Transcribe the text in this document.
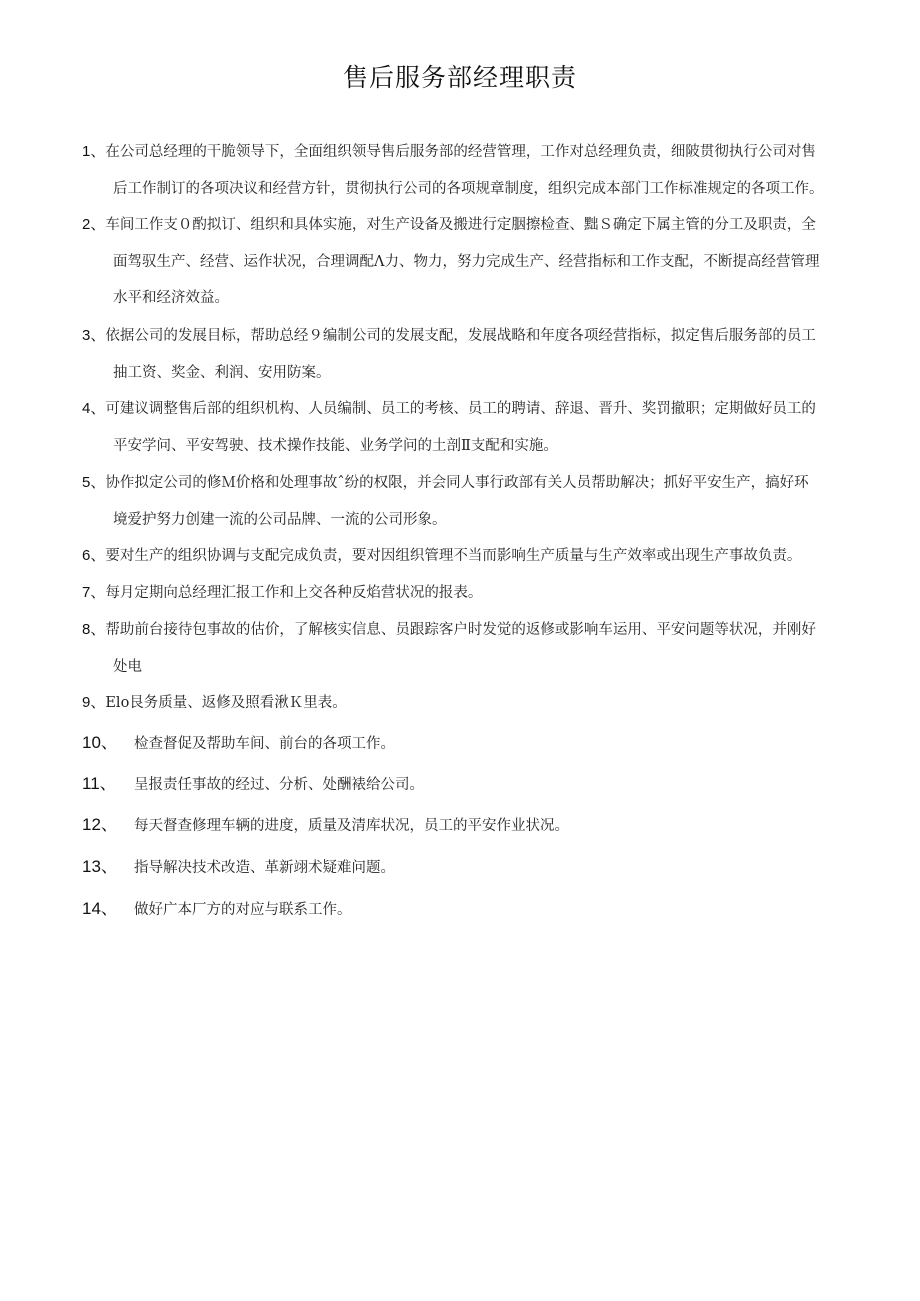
售后服务部经理职责
1、在公司总经理的干脆领导下，全面组织领导售后服务部的经营管理，工作对总经理负责，细陂贯彻执行公司对售
后工作制订的各项决议和经营方针，贯彻执行公司的各项规章制度，组织完成本部门工作标准规定的各项工作。
2、车间工作支０酌拟订、组织和具体实施，对生产设备及搬进行定胭擦检查、黜Ｓ确定下属主管的分工及职责，全
面驾驭生产、经营、运作状况，合理调配Λ力、物力，努力完成生产、经营指标和工作支配，不断提高经营管理
水平和经济效益。
3、依据公司的发展目标，帮助总经９编制公司的发展支配，发展战略和年度各项经营指标，拟定售后服务部的员工
抽工资、奖金、利润、安用防案。
4、可建议调整售后部的组织机构、人员编制、员工的考核、员工的聘请、辞退、晋升、奖罚撤职；定期做好员工的
平安学问、平安驾驶、技术操作技能、业务学问的土剖Ⅱ支配和实施。
5、协作拟定公司的修Ｍ价格和处理事故ˆ纷的权限，并会同人事行政部有关人员帮助解决；抓好平安生产，搞好环
境爱护努力创建一流的公司品牌、一流的公司形象。
6、要对生产的组织协调与支配完成负责，要对因组织管理不当而影响生产质量与生产效率或出现生产事故负责。
7、每月定期向总经理汇报工作和上交各种反焰营状况的报表。
8、帮助前台接待包事故的估价，了解核实信息、员跟踪客户时发觉的返修或影响车运用、平安问题等状况，并刚好
处电
9、Elo艮务质量、返修及照看湫Ｋ里表。
10、 检查督促及帮助车间、前台的各项工作。
11、 呈报责任事故的经过、分析、处酬裱给公司。
12、 每天督查修理车辆的进度，质量及清库状况，员工的平安作业状况。
13、 指导解决技术改造、革新翊术疑难问题。
14、 做好广本厂方的对应与联系工作。
